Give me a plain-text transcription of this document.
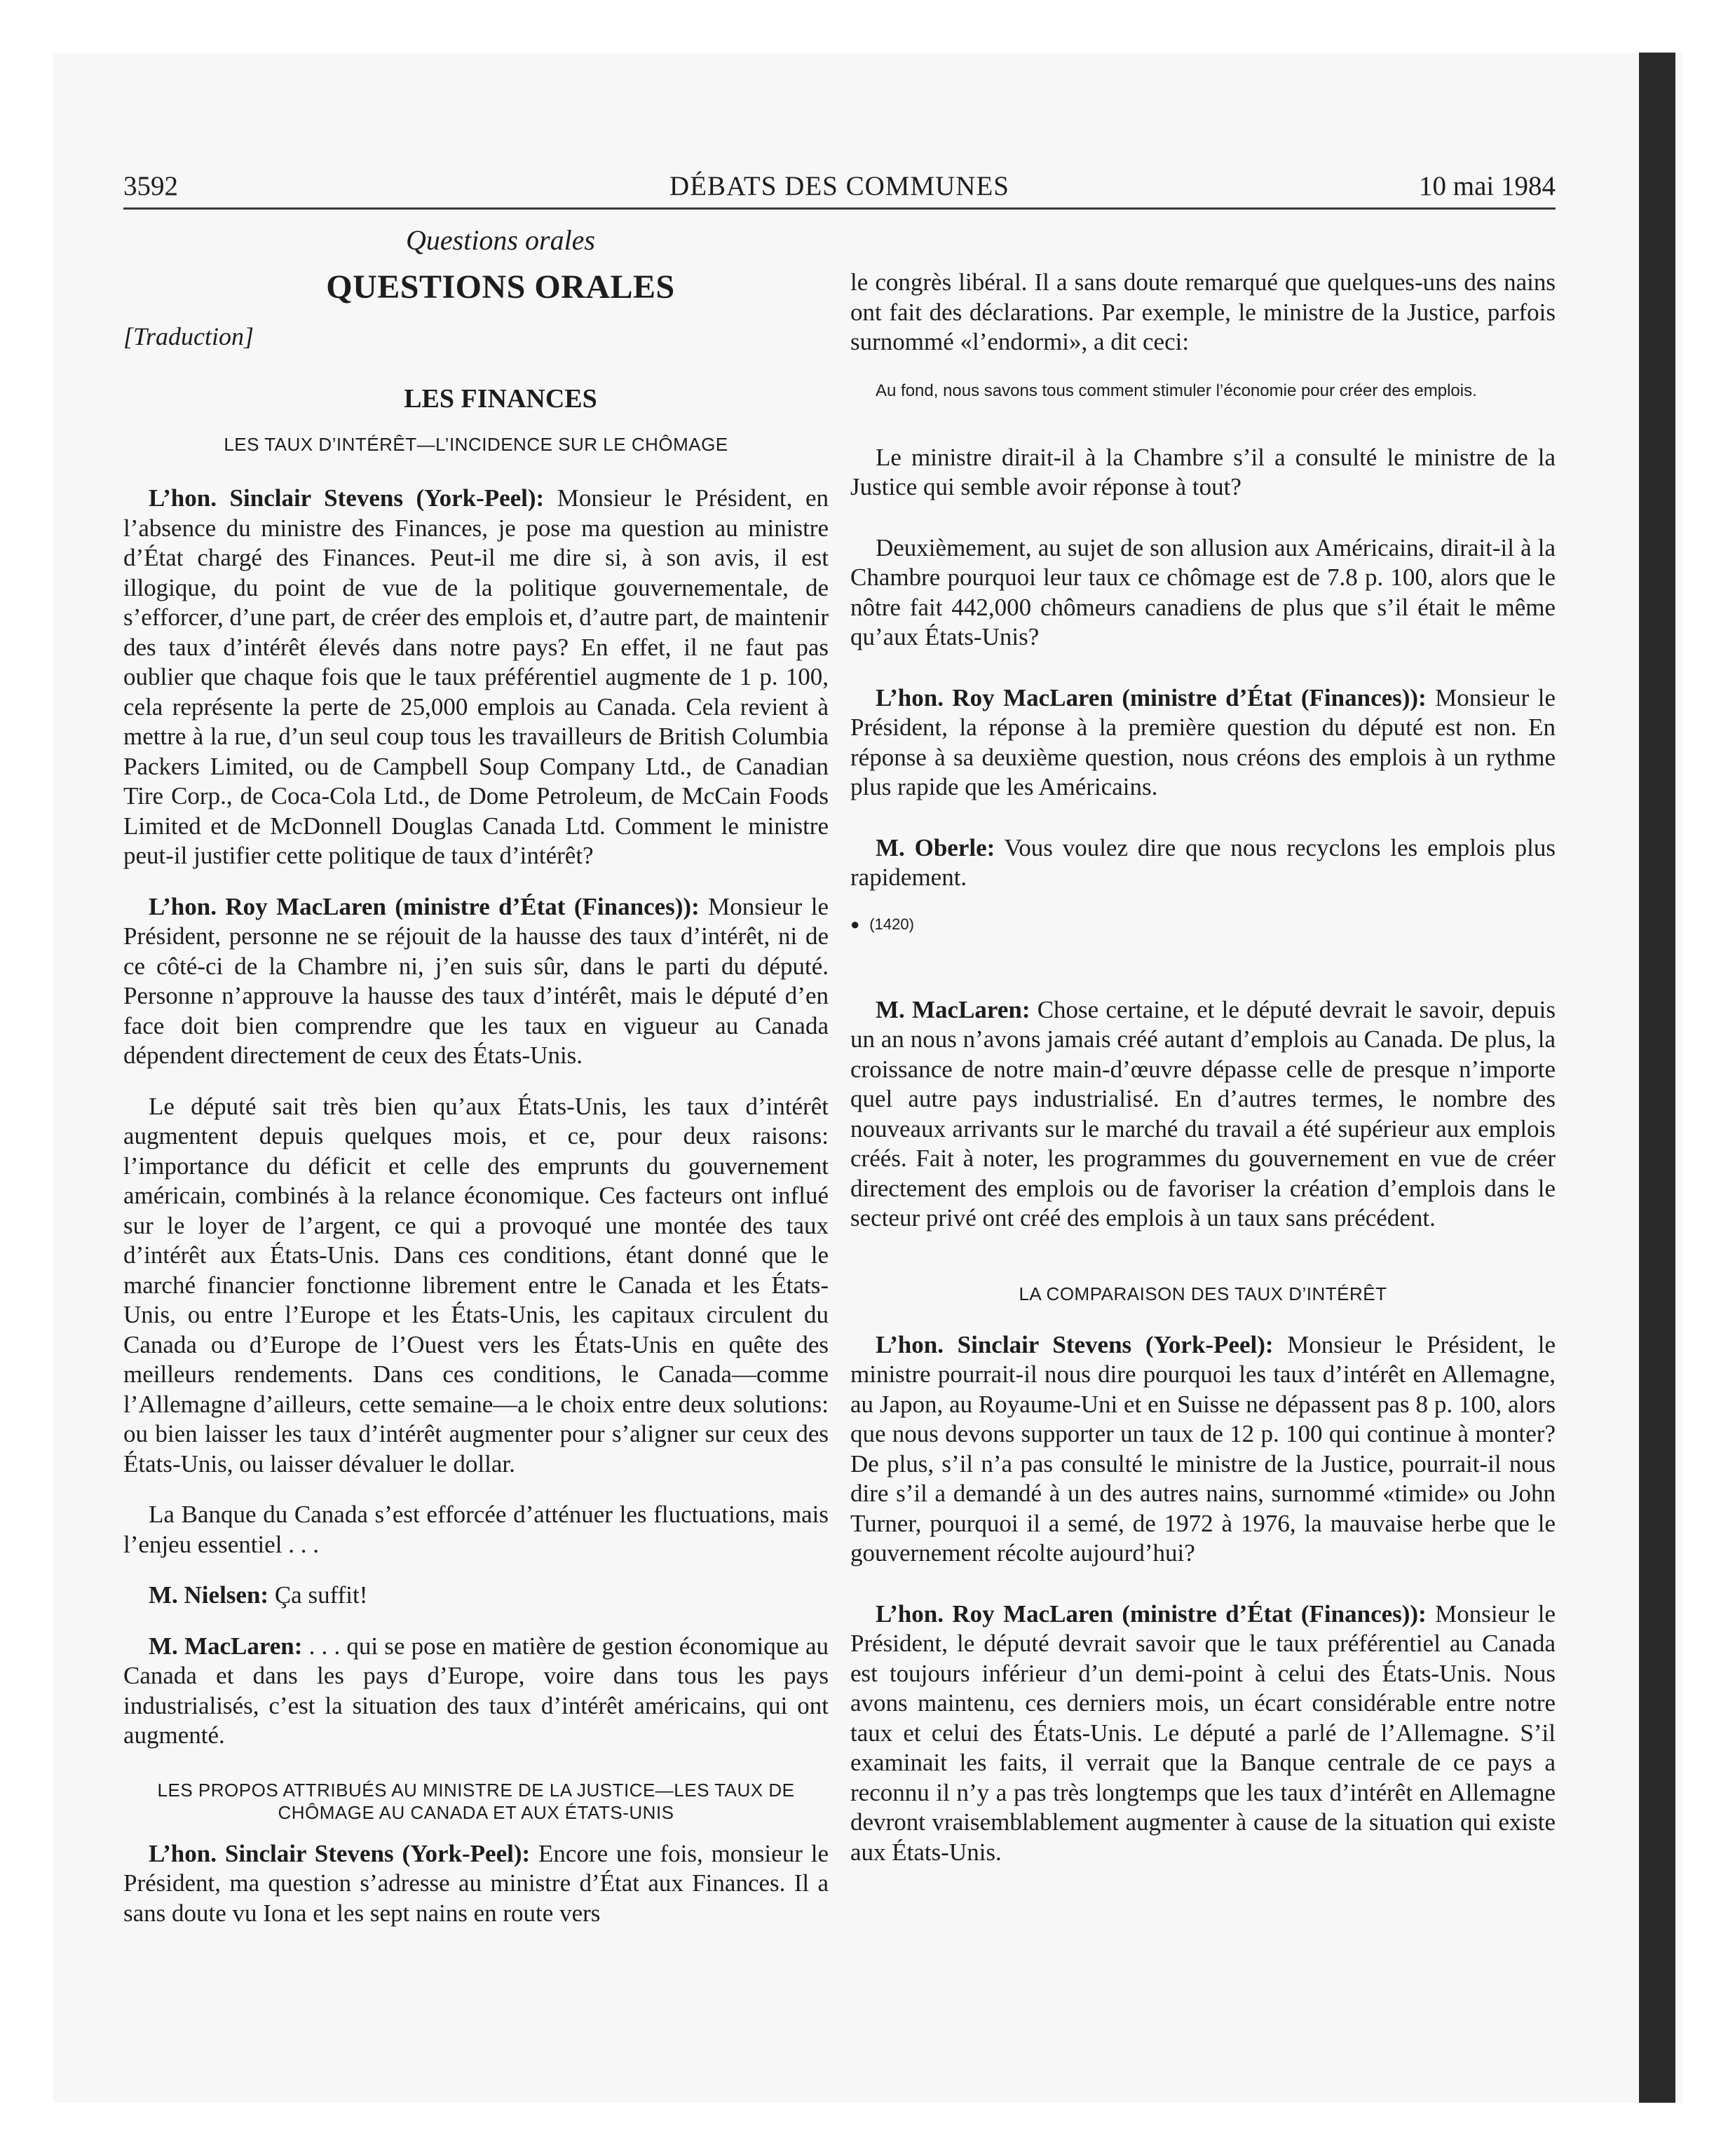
3592	DÉBATS DES COMMUNES	10 mai 1984
Questions orales
QUESTIONS ORALES
[Traduction]
LES FINANCES
LES TAUX D’INTÉRÊT—L’INCIDENCE SUR LE CHÔMAGE

L’hon. Sinclair Stevens (York-Peel): Monsieur le Président, en l’absence du ministre des Finances, je pose ma question au ministre d’État chargé des Finances. Peut-il me dire si, à son avis, il est illogique, du point de vue de la politique gouvernementale, de s’efforcer, d’une part, de créer des emplois et, d’autre part, de maintenir des taux d’intérêt élevés dans notre pays? En effet, il ne faut pas oublier que chaque fois que le taux préférentiel augmente de 1 p. 100, cela représente la perte de 25,000 emplois au Canada. Cela revient à mettre à la rue, d’un seul coup tous les travailleurs de British Columbia Packers Limited, ou de Campbell Soup Company Ltd., de Canadian Tire Corp., de Coca-Cola Ltd., de Dome Petroleum, de McCain Foods Limited et de McDonnell Douglas Canada Ltd. Comment le ministre peut-il justifier cette politique de taux d’intérêt?

L’hon. Roy MacLaren (ministre d’État (Finances)): Monsieur le Président, personne ne se réjouit de la hausse des taux d’intérêt, ni de ce côté-ci de la Chambre ni, j’en suis sûr, dans le parti du député. Personne n’approuve la hausse des taux d’intérêt, mais le député d’en face doit bien comprendre que les taux en vigueur au Canada dépendent directement de ceux des États-Unis.

Le député sait très bien qu’aux États-Unis, les taux d’intérêt augmentent depuis quelques mois, et ce, pour deux raisons: l’importance du déficit et celle des emprunts du gouvernement américain, combinés à la relance économique. Ces facteurs ont influé sur le loyer de l’argent, ce qui a provoqué une montée des taux d’intérêt aux États-Unis. Dans ces conditions, étant donné que le marché financier fonctionne librement entre le Canada et les États-Unis, ou entre l’Europe et les États-Unis, les capitaux circulent du Canada ou d’Europe de l’Ouest vers les États-Unis en quête des meilleurs rendements. Dans ces conditions, le Canada—comme l’Allemagne d’ailleurs, cette semaine—a le choix entre deux solutions: ou bien laisser les taux d’intérêt augmenter pour s’aligner sur ceux des États-Unis, ou laisser dévaluer le dollar.

La Banque du Canada s’est efforcée d’atténuer les fluctuations, mais l’enjeu essentiel . . .

M. Nielsen: Ça suffit!

M. MacLaren: . . . qui se pose en matière de gestion économique au Canada et dans les pays d’Europe, voire dans tous les pays industrialisés, c’est la situation des taux d’intérêt américains, qui ont augmenté.

LES PROPOS ATTRIBUÉS AU MINISTRE DE LA JUSTICE—LES TAUX DE CHÔMAGE AU CANADA ET AUX ÉTATS-UNIS

L’hon. Sinclair Stevens (York-Peel): Encore une fois, monsieur le Président, ma question s’adresse au ministre d’État aux Finances. Il a sans doute vu Iona et les sept nains en route vers

le congrès libéral. Il a sans doute remarqué que quelques-uns des nains ont fait des déclarations. Par exemple, le ministre de la Justice, parfois surnommé «l’endormi», a dit ceci:

Au fond, nous savons tous comment stimuler l’économie pour créer des emplois.

Le ministre dirait-il à la Chambre s’il a consulté le ministre de la Justice qui semble avoir réponse à tout?

Deuxièmement, au sujet de son allusion aux Américains, dirait-il à la Chambre pourquoi leur taux ce chômage est de 7.8 p. 100, alors que le nôtre fait 442,000 chômeurs canadiens de plus que s’il était le même qu’aux États-Unis?

L’hon. Roy MacLaren (ministre d’État (Finances)): Monsieur le Président, la réponse à la première question du député est non. En réponse à sa deuxième question, nous créons des emplois à un rythme plus rapide que les Américains.

M. Oberle: Vous voulez dire que nous recyclons les emplois plus rapidement.

● (1420)

M. MacLaren: Chose certaine, et le député devrait le savoir, depuis un an nous n’avons jamais créé autant d’emplois au Canada. De plus, la croissance de notre main-d’œuvre dépasse celle de presque n’importe quel autre pays industrialisé. En d’autres termes, le nombre des nouveaux arrivants sur le marché du travail a été supérieur aux emplois créés. Fait à noter, les programmes du gouvernement en vue de créer directement des emplois ou de favoriser la création d’emplois dans le secteur privé ont créé des emplois à un taux sans précédent.

LA COMPARAISON DES TAUX D’INTÉRÊT

L’hon. Sinclair Stevens (York-Peel): Monsieur le Président, le ministre pourrait-il nous dire pourquoi les taux d’intérêt en Allemagne, au Japon, au Royaume-Uni et en Suisse ne dépassent pas 8 p. 100, alors que nous devons supporter un taux de 12 p. 100 qui continue à monter? De plus, s’il n’a pas consulté le ministre de la Justice, pourrait-il nous dire s’il a demandé à un des autres nains, surnommé «timide» ou John Turner, pourquoi il a semé, de 1972 à 1976, la mauvaise herbe que le gouvernement récolte aujourd’hui?

L’hon. Roy MacLaren (ministre d’État (Finances)): Monsieur le Président, le député devrait savoir que le taux préférentiel au Canada est toujours inférieur d’un demi-point à celui des États-Unis. Nous avons maintenu, ces derniers mois, un écart considérable entre notre taux et celui des États-Unis. Le député a parlé de l’Allemagne. S’il examinait les faits, il verrait que la Banque centrale de ce pays a reconnu il n’y a pas très longtemps que les taux d’intérêt en Allemagne devront vraisemblablement augmenter à cause de la situation qui existe aux États-Unis.
